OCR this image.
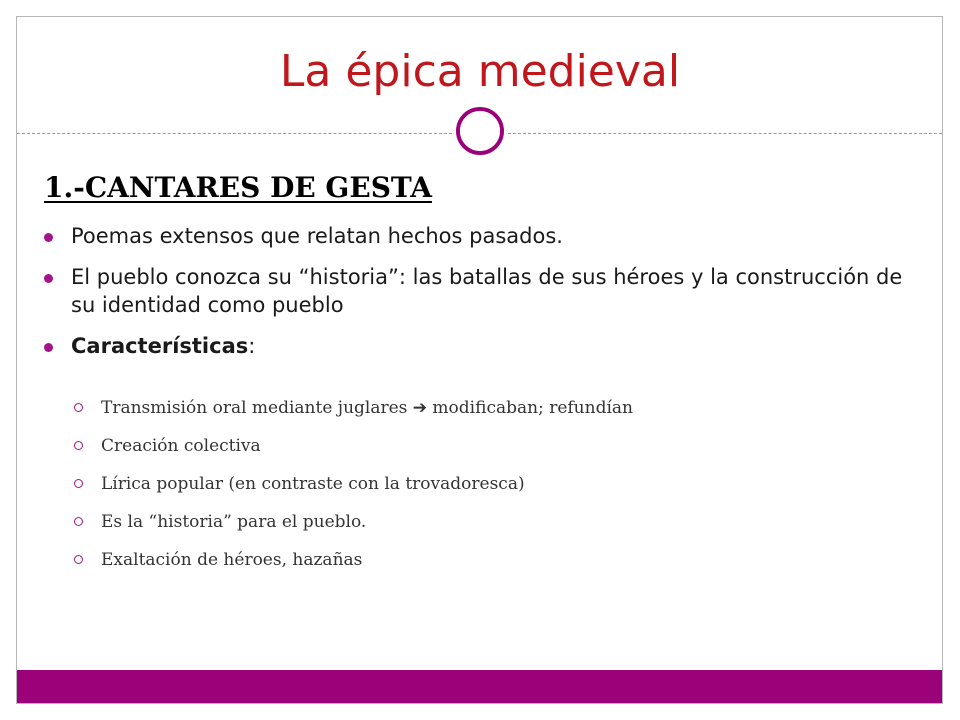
La épica medieval
1.-CANTARES DE GESTA
Poemas extensos que relatan hechos pasados.
El pueblo conozca su “historia”: las batallas de sus héroes y la construcción de su identidad como pueblo
Características:
Transmisión oral mediante juglares ➔ modificaban; refundían
Creación colectiva
Lírica popular (en contraste con la trovadoresca)
Es la “historia” para el pueblo.
Exaltación de héroes, hazañas
